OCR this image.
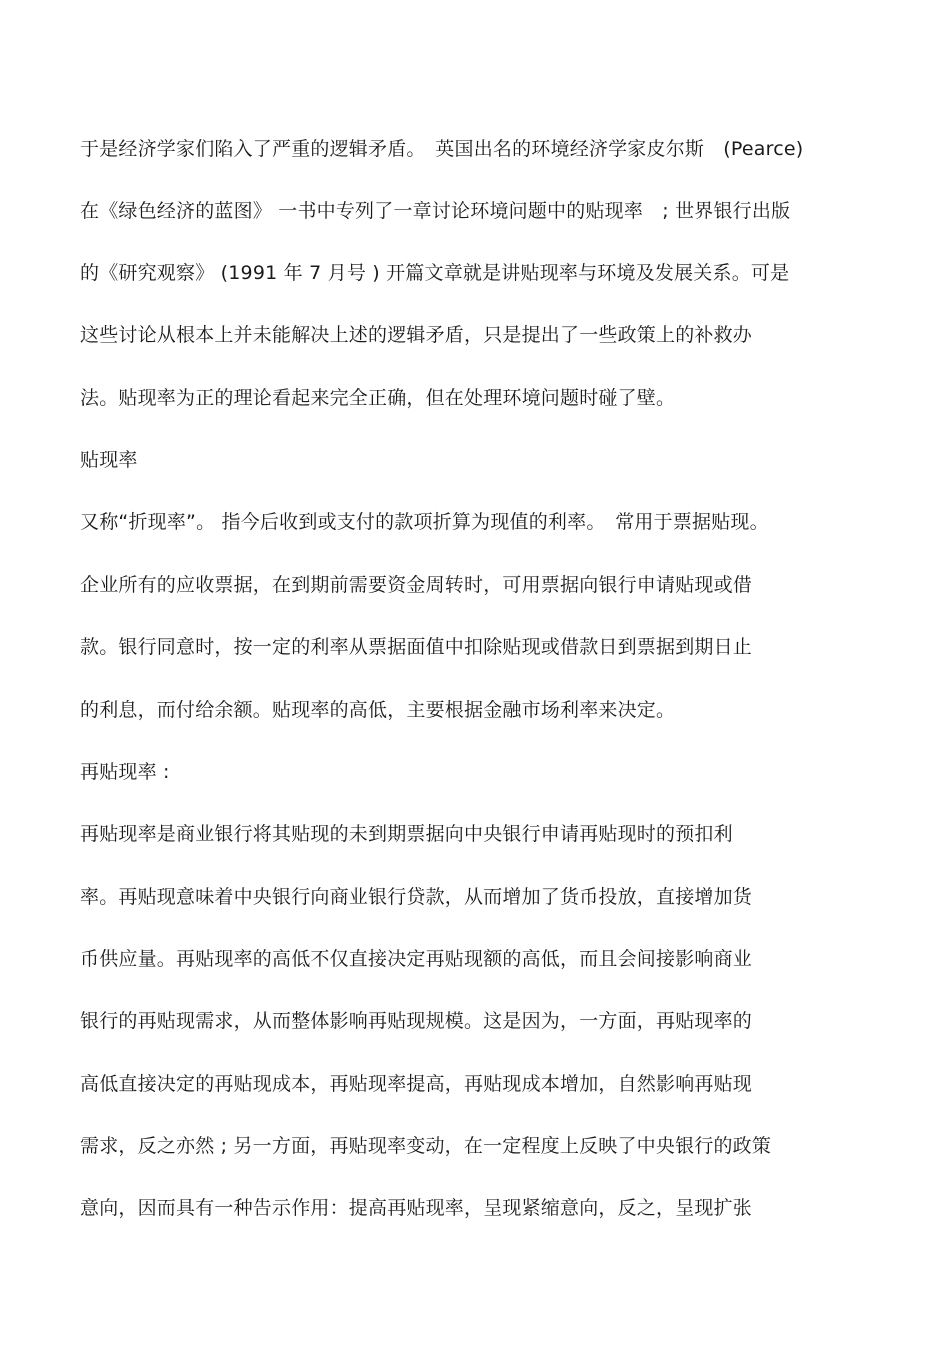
于是经济学家们陷入了严重的逻辑矛盾。　英国出名的环境经济学家皮尔斯　(Pearce)
在《绿色经济的蓝图》 一书中专列了一章讨论环境问题中的贴现率　; 世界银行出版
的《研究观察》 (1991 年 7 月号 ) 开篇文章就是讲贴现率与环境及发展关系。可是
这些讨论从根本上并未能解决上述的逻辑矛盾，只是提出了一些政策上的补救办
法。贴现率为正的理论看起来完全正确，但在处理环境问题时碰了壁。
贴现率
又称“折现率”。 指今后收到或支付的款项折算为现值的利率。　常用于票据贴现。
企业所有的应收票据，在到期前需要资金周转时，可用票据向银行申请贴现或借
款。银行同意时，按一定的利率从票据面值中扣除贴现或借款日到票据到期日止
的利息，而付给余额。贴现率的高低，主要根据金融市场利率来决定。
再贴现率 :
再贴现率是商业银行将其贴现的未到期票据向中央银行申请再贴现时的预扣利
率。再贴现意味着中央银行向商业银行贷款，从而增加了货币投放，直接增加货
币供应量。再贴现率的高低不仅直接决定再贴现额的高低，而且会间接影响商业
银行的再贴现需求，从而整体影响再贴现规模。这是因为，一方面，再贴现率的
高低直接决定的再贴现成本，再贴现率提高，再贴现成本增加，自然影响再贴现
需求，反之亦然 ; 另一方面，再贴现率变动，在一定程度上反映了中央银行的政策
意向，因而具有一种告示作用：提高再贴现率，呈现紧缩意向，反之，呈现扩张
